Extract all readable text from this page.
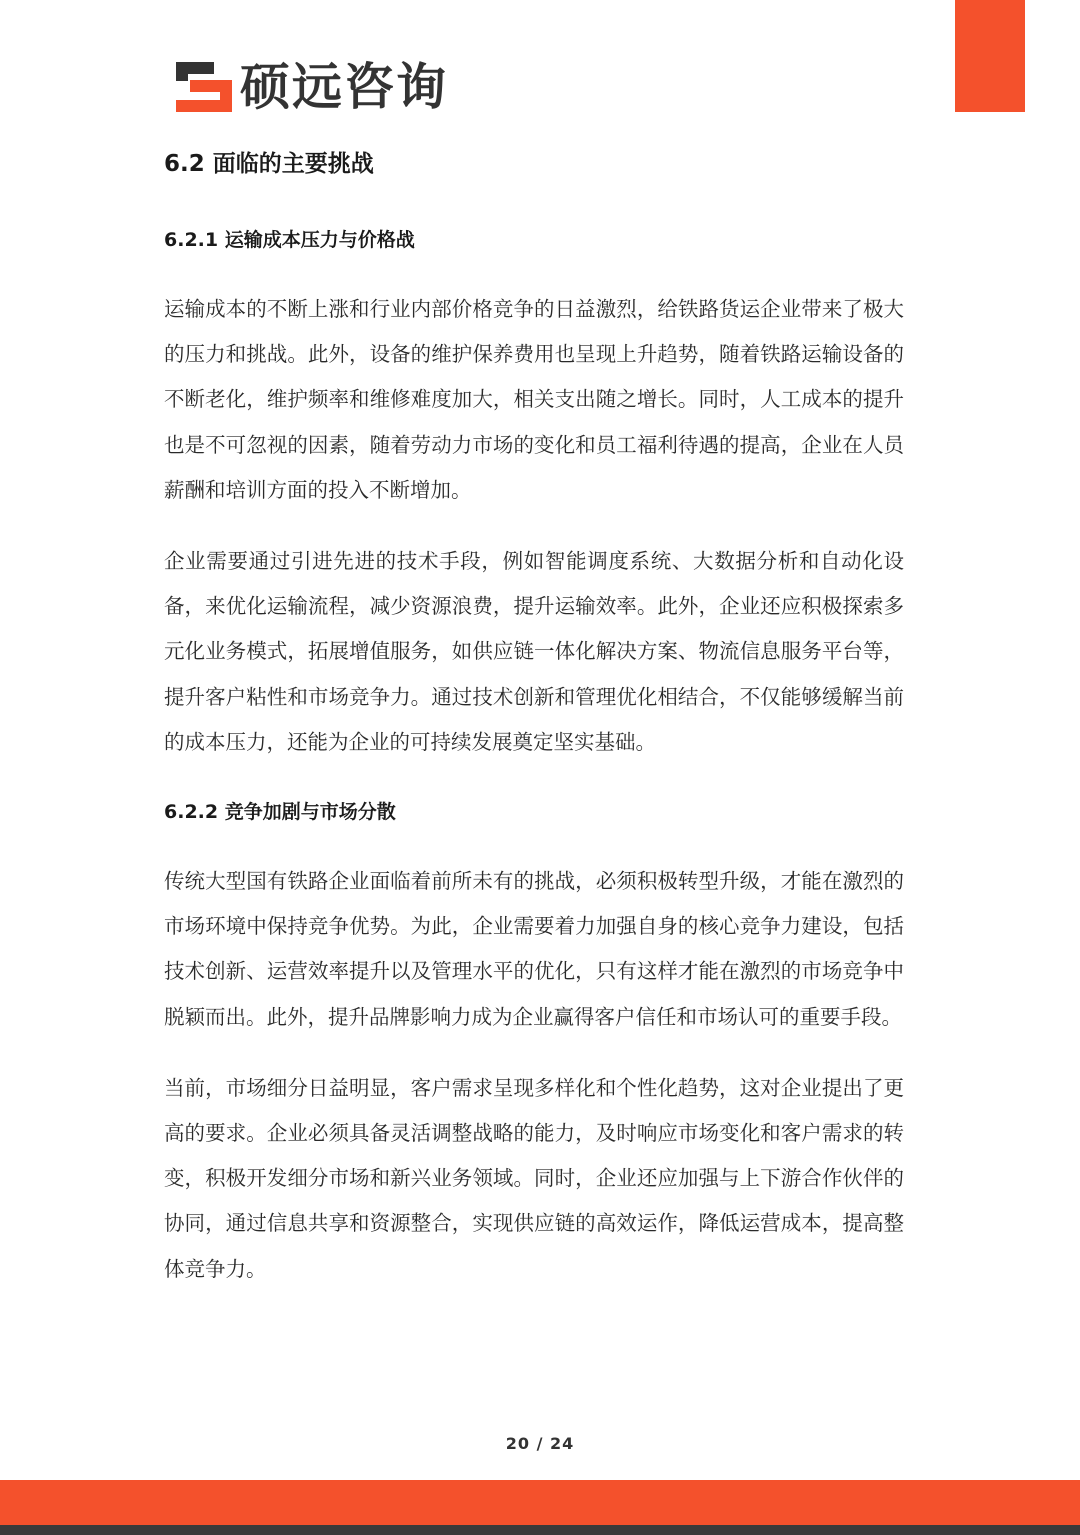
硕远咨询
6.2 面临的主要挑战
6.2.1 运输成本压力与价格战

运输成本的不断上涨和行业内部价格竞争的日益激烈，给铁路货运企业带来了极大的压力和挑战。此外，设备的维护保养费用也呈现上升趋势，随着铁路运输设备的不断老化，维护频率和维修难度加大，相关支出随之增长。同时，人工成本的提升也是不可忽视的因素，随着劳动力市场的变化和员工福利待遇的提高，企业在人员薪酬和培训方面的投入不断增加。

企业需要通过引进先进的技术手段，例如智能调度系统、大数据分析和自动化设备，来优化运输流程，减少资源浪费，提升运输效率。此外，企业还应积极探索多元化业务模式，拓展增值服务，如供应链一体化解决方案、物流信息服务平台等，提升客户粘性和市场竞争力。通过技术创新和管理优化相结合，不仅能够缓解当前的成本压力，还能为企业的可持续发展奠定坚实基础。

6.2.2 竞争加剧与市场分散

传统大型国有铁路企业面临着前所未有的挑战，必须积极转型升级，才能在激烈的市场环境中保持竞争优势。为此，企业需要着力加强自身的核心竞争力建设，包括技术创新、运营效率提升以及管理水平的优化，只有这样才能在激烈的市场竞争中脱颖而出。此外，提升品牌影响力成为企业赢得客户信任和市场认可的重要手段。

当前，市场细分日益明显，客户需求呈现多样化和个性化趋势，这对企业提出了更高的要求。企业必须具备灵活调整战略的能力，及时响应市场变化和客户需求的转变，积极开发细分市场和新兴业务领域。同时，企业还应加强与上下游合作伙伴的协同，通过信息共享和资源整合，实现供应链的高效运作，降低运营成本，提高整体竞争力。

20 / 24
